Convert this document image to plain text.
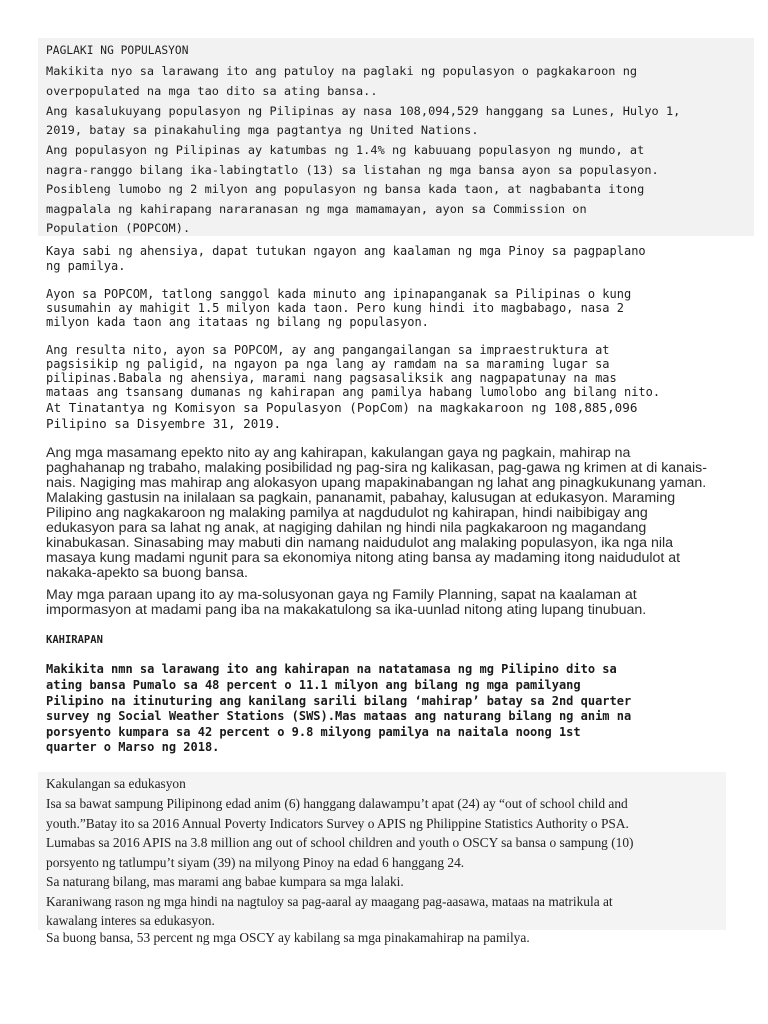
PAGLAKI NG POPULASYON
Makikita nyo sa larawang ito ang patuloy na paglaki ng populasyon o pagkakaroon ng
overpopulated na mga tao dito sa ating bansa..
Ang kasalukuyang populasyon ng Pilipinas ay nasa 108,094,529 hanggang sa Lunes, Hulyo 1,
2019, batay sa pinakahuling mga pagtantya ng United Nations.
Ang populasyon ng Pilipinas ay katumbas ng 1.4% ng kabuuang populasyon ng mundo, at
nagra-ranggo bilang ika-labingtatlo (13) sa listahan ng mga bansa ayon sa populasyon.
Posibleng lumobo ng 2 milyon ang populasyon ng bansa kada taon, at nagbabanta itong
magpalala ng kahirapang nararanasan ng mga mamamayan, ayon sa Commission on
Population (POPCOM).
Kaya sabi ng ahensiya, dapat tutukan ngayon ang kaalaman ng mga Pinoy sa pagpaplano
ng pamilya.
Ayon sa POPCOM, tatlong sanggol kada minuto ang ipinapanganak sa Pilipinas o kung
susumahin ay mahigit 1.5 milyon kada taon. Pero kung hindi ito magbabago, nasa 2
milyon kada taon ang itataas ng bilang ng populasyon.
Ang resulta nito, ayon sa POPCOM, ay ang pangangailangan sa impraestruktura at
pagsisikip ng paligid, na ngayon pa nga lang ay ramdam na sa maraming lugar sa
pilipinas.Babala ng ahensiya, marami nang pagsasaliksik ang nagpapatunay na mas
mataas ang tsansang dumanas ng kahirapan ang pamilya habang lumolobo ang bilang nito.
At Tinatantya ng Komisyon sa Populasyon (PopCom) na magkakaroon ng 108,885,096
Pilipino sa Disyembre 31, 2019.
Ang mga masamang epekto nito ay ang kahirapan, kakulangan gaya ng pagkain, mahirap na
paghahanap ng trabaho, malaking posibilidad ng pag-sira ng kalikasan, pag-gawa ng krimen at di kanais-
nais. Nagiging mas mahirap ang alokasyon upang mapakinabangan ng lahat ang pinagkukunang yaman.
Malaking gastusin na inilalaan sa pagkain, pananamit, pabahay, kalusugan at edukasyon. Maraming
Pilipino ang nagkakaroon ng malaking pamilya at nagdudulot ng kahirapan, hindi naibibigay ang
edukasyon para sa lahat ng anak, at nagiging dahilan ng hindi nila pagkakaroon ng magandang
kinabukasan. Sinasabing may mabuti din namang naidudulot ang malaking populasyon, ika nga nila
masaya kung madami ngunit para sa ekonomiya nitong ating bansa ay madaming itong naidudulot at
nakaka-apekto sa buong bansa.
May mga paraan upang ito ay ma-solusyonan gaya ng Family Planning, sapat na kaalaman at
impormasyon at madami pang iba na makakatulong sa ika-uunlad nitong ating lupang tinubuan.
KAHIRAPAN
Makikita nmn sa larawang ito ang kahirapan na natatamasa ng mg Pilipino dito sa
ating bansa Pumalo sa 48 percent o 11.1 milyon ang bilang ng mga pamilyang
Pilipino na itinuturing ang kanilang sarili bilang ‘mahirap’ batay sa 2nd quarter
survey ng Social Weather Stations (SWS).Mas mataas ang naturang bilang ng anim na
porsyento kumpara sa 42 percent o 9.8 milyong pamilya na naitala noong 1st
quarter o Marso ng 2018.
Kakulangan sa edukasyon
Isa sa bawat sampung Pilipinong edad anim (6) hanggang dalawampu’t apat (24) ay “out of school child and
youth.”Batay ito sa 2016 Annual Poverty Indicators Survey o APIS ng Philippine Statistics Authority o PSA.
Lumabas sa 2016 APIS na 3.8 million ang out of school children and youth o OSCY sa bansa o sampung (10)
porsyento ng tatlumpu’t siyam (39) na milyong Pinoy na edad 6 hanggang 24.
Sa naturang bilang, mas marami ang babae kumpara sa mga lalaki.
Karaniwang rason ng mga hindi na nagtuloy sa pag-aaral ay maagang pag-aasawa, mataas na matrikula at
kawalang interes sa edukasyon.
Sa buong bansa, 53 percent ng mga OSCY ay kabilang sa mga pinakamahirap na pamilya.
